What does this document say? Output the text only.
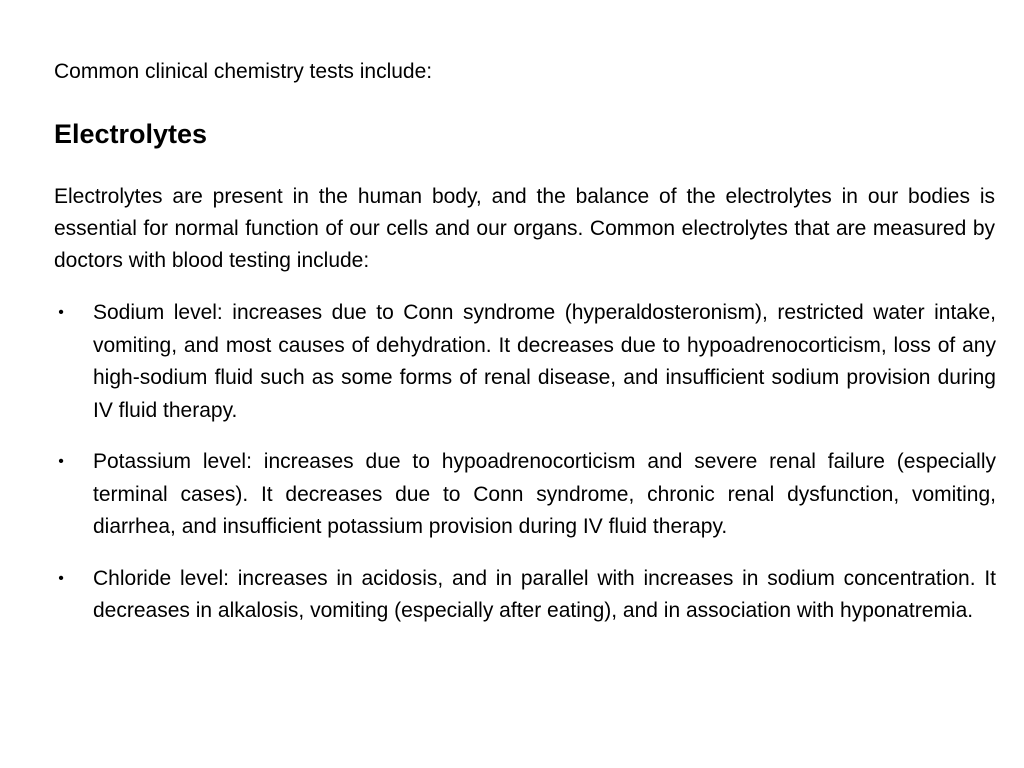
Common clinical chemistry tests include:

Electrolytes

Electrolytes are present in the human body, and the balance of the electrolytes in our bodies is essential for normal function of our cells and our organs. Common electrolytes that are measured by doctors with blood testing include:

• Sodium level: increases due to Conn syndrome (hyperaldosteronism), restricted water intake, vomiting, and most causes of dehydration. It decreases due to hypoadrenocorticism, loss of any high-sodium fluid such as some forms of renal disease, and insufficient sodium provision during IV fluid therapy.
• Potassium level: increases due to hypoadrenocorticism and severe renal failure (especially terminal cases). It decreases due to Conn syndrome, chronic renal dysfunction, vomiting, diarrhea, and insufficient potassium provision during IV fluid therapy.
• Chloride level: increases in acidosis, and in parallel with increases in sodium concentration. It decreases in alkalosis, vomiting (especially after eating), and in association with hyponatremia.
